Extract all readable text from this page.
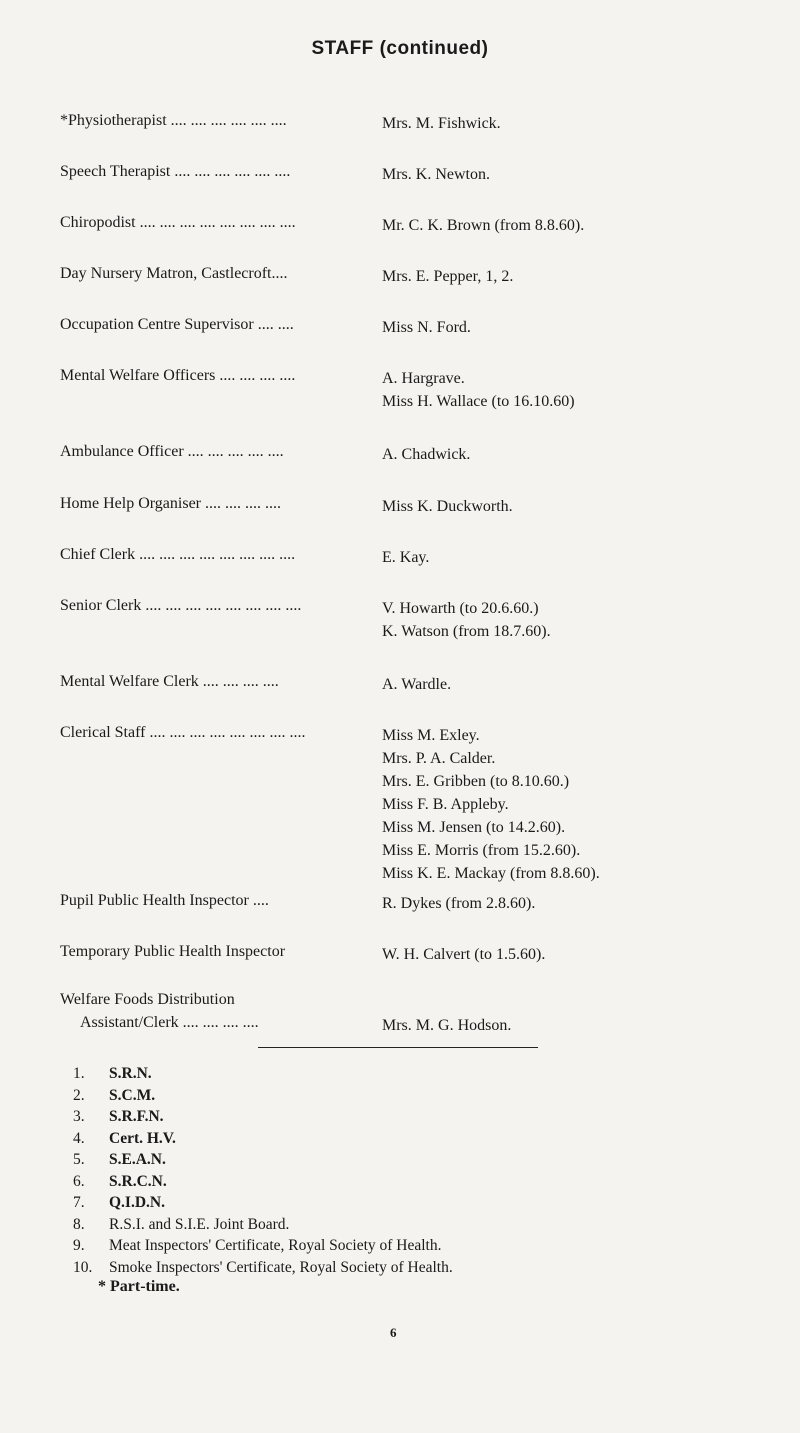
STAFF (continued)
*Physiotherapist .... .... .... .... .... ....	Mrs. M. Fishwick.
Speech Therapist .... .... .... .... .... ....	Mrs. K. Newton.
Chiropodist .... .... .... .... .... .... .... ....	Mr. C. K. Brown (from 8.8.60).
Day Nursery Matron, Castlecroft....	Mrs. E. Pepper, 1, 2.
Occupation Centre Supervisor .... ....	Miss N. Ford.
Mental Welfare Officers .... .... .... ....	A. Hargrave.
Miss H. Wallace (to 16.10.60)
Ambulance Officer .... .... .... .... ....	A. Chadwick.
Home Help Organiser .... .... .... ....	Miss K. Duckworth.
Chief Clerk .... .... .... .... .... .... .... ....	E. Kay.
Senior Clerk .... .... .... .... .... .... .... ....	V. Howarth (to 20.6.60.)
K. Watson (from 18.7.60).
Mental Welfare Clerk .... .... .... ....	A. Wardle.
Clerical Staff .... .... .... .... .... .... .... ....	Miss M. Exley.
Mrs. P. A. Calder.
Mrs. E. Gribben (to 8.10.60.)
Miss F. B. Appleby.
Miss M. Jensen (to 14.2.60).
Miss E. Morris (from 15.2.60).
Miss K. E. Mackay (from 8.8.60).
Pupil Public Health Inspector ....	R. Dykes (from 2.8.60).
Temporary Public Health Inspector	W. H. Calvert (to 1.5.60).
Welfare Foods Distribution
Assistant/Clerk .... .... .... ....	Mrs. M. G. Hodson.
1. S.R.N.
2. S.C.M.
3. S.R.F.N.
4. Cert. H.V.
5. S.E.A.N.
6. S.R.C.N.
7. Q.I.D.N.
8. R.S.I. and S.I.E. Joint Board.
9. Meat Inspectors' Certificate, Royal Society of Health.
10. Smoke Inspectors' Certificate, Royal Society of Health.
* Part-time.
6
